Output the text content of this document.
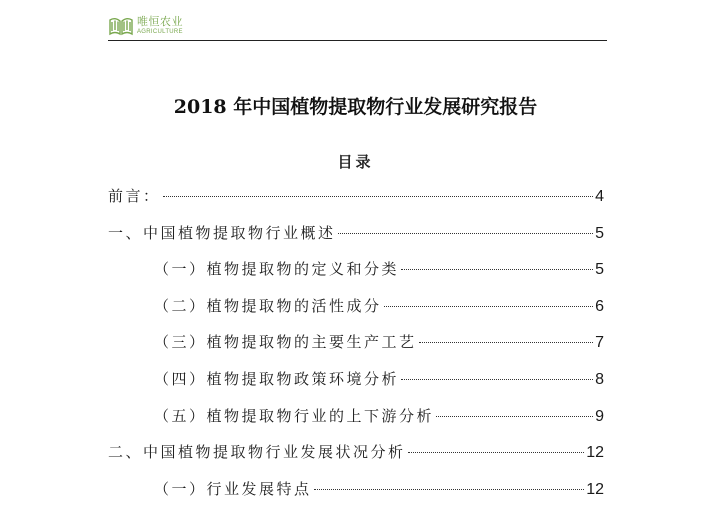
唯恒农业
AGRICULTURE
2018 年中国植物提取物行业发展研究报告
目录
前言：	4
一、中国植物提取物行业概述	5
（一）植物提取物的定义和分类	5
（二）植物提取物的活性成分	6
（三）植物提取物的主要生产工艺	7
（四）植物提取物政策环境分析	8
（五）植物提取物行业的上下游分析	9
二、中国植物提取物行业发展状况分析	12
（一）行业发展特点	12
